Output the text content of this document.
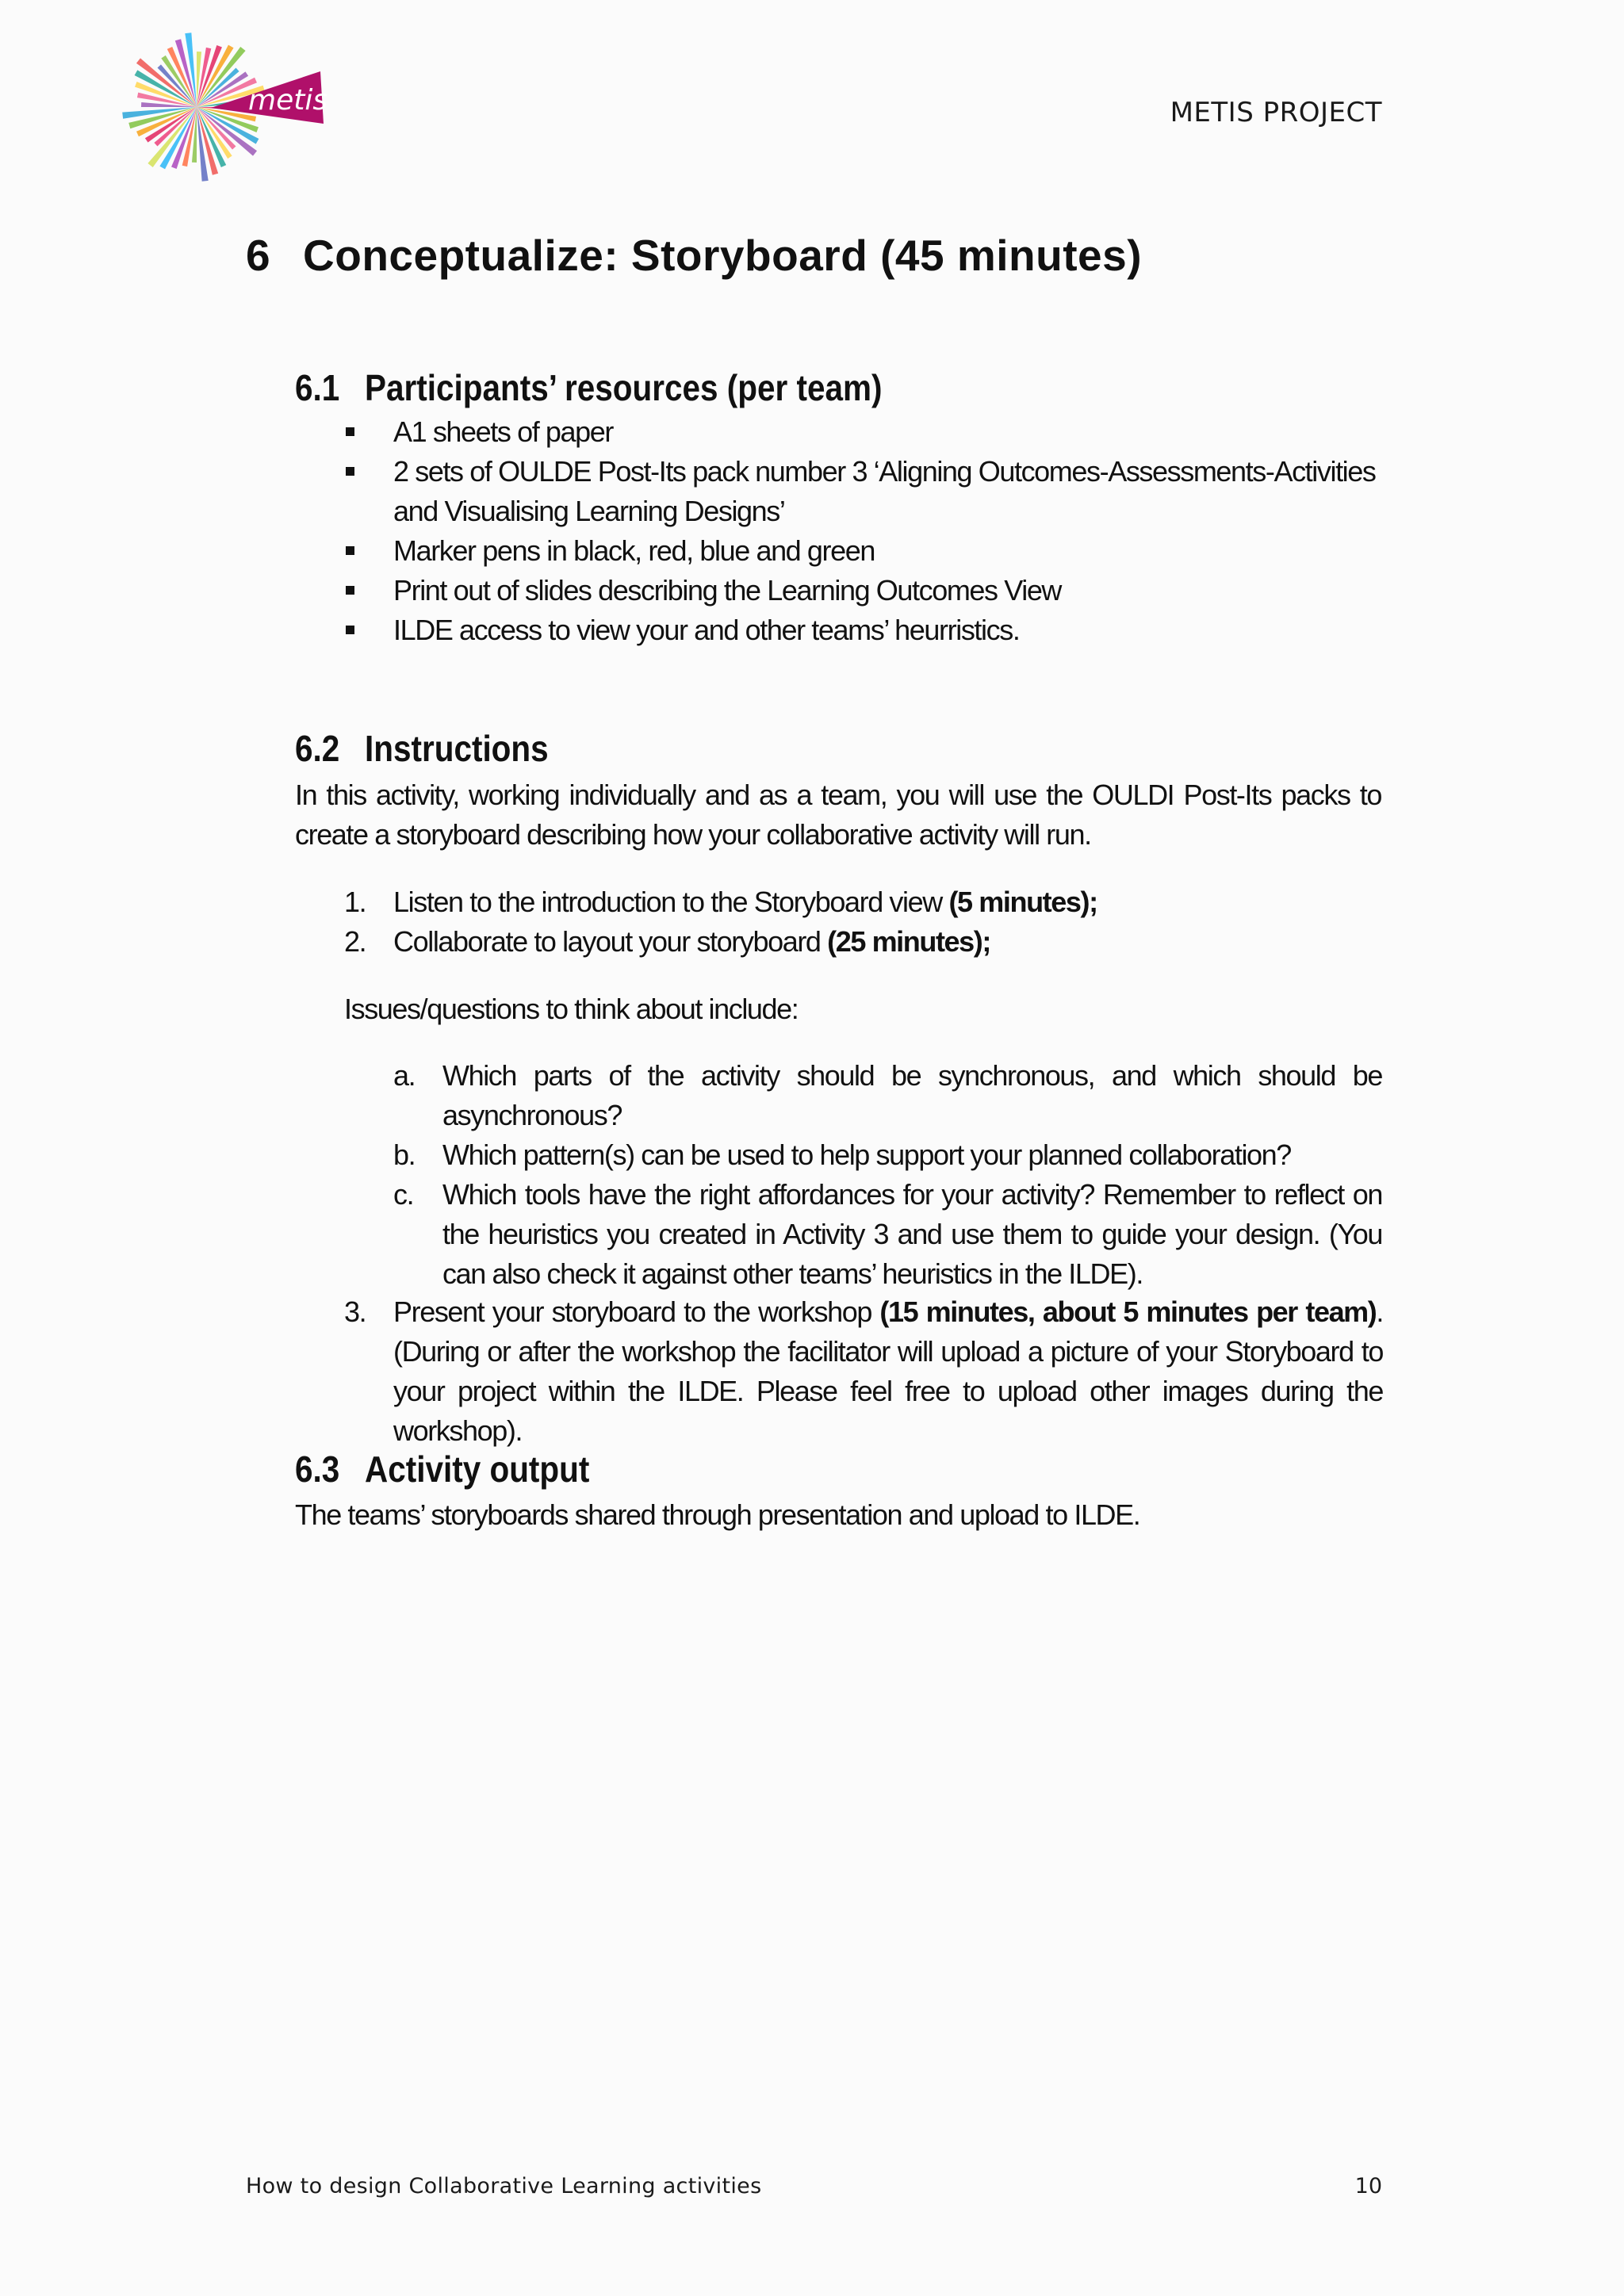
metis	METIS PROJECT
6 Conceptualize: Storyboard (45 minutes)
6.1 Participants’ resources (per team)
A1 sheets of paper
2 sets of OULDE Post-Its pack number 3 ‘Aligning Outcomes-Assessments-Activities and Visualising Learning Designs’
Marker pens in black, red, blue and green
Print out of slides describing the Learning Outcomes View
ILDE access to view your and other teams’ heurristics.
6.2 Instructions

In this activity, working individually and as a team, you will use the OULDI Post-Its packs to create a storyboard describing how your collaborative activity will run.

1. Listen to the introduction to the Storyboard view (5 minutes);
2. Collaborate to layout your storyboard (25 minutes);

Issues/questions to think about include:

a. Which parts of the activity should be synchronous, and which should be asynchronous?
b. Which pattern(s) can be used to help support your planned collaboration?
c. Which tools have the right affordances for your activity? Remember to reflect on the heuristics you created in Activity 3 and use them to guide your design. (You can also check it against other teams’ heuristics in the ILDE).
3. Present your storyboard to the workshop (15 minutes, about 5 minutes per team). (During or after the workshop the facilitator will upload a picture of your Storyboard to your project within the ILDE. Please feel free to upload other images during the workshop).
6.3 Activity output

The teams’ storyboards shared through presentation and upload to ILDE.

How to design Collaborative Learning activities	10
